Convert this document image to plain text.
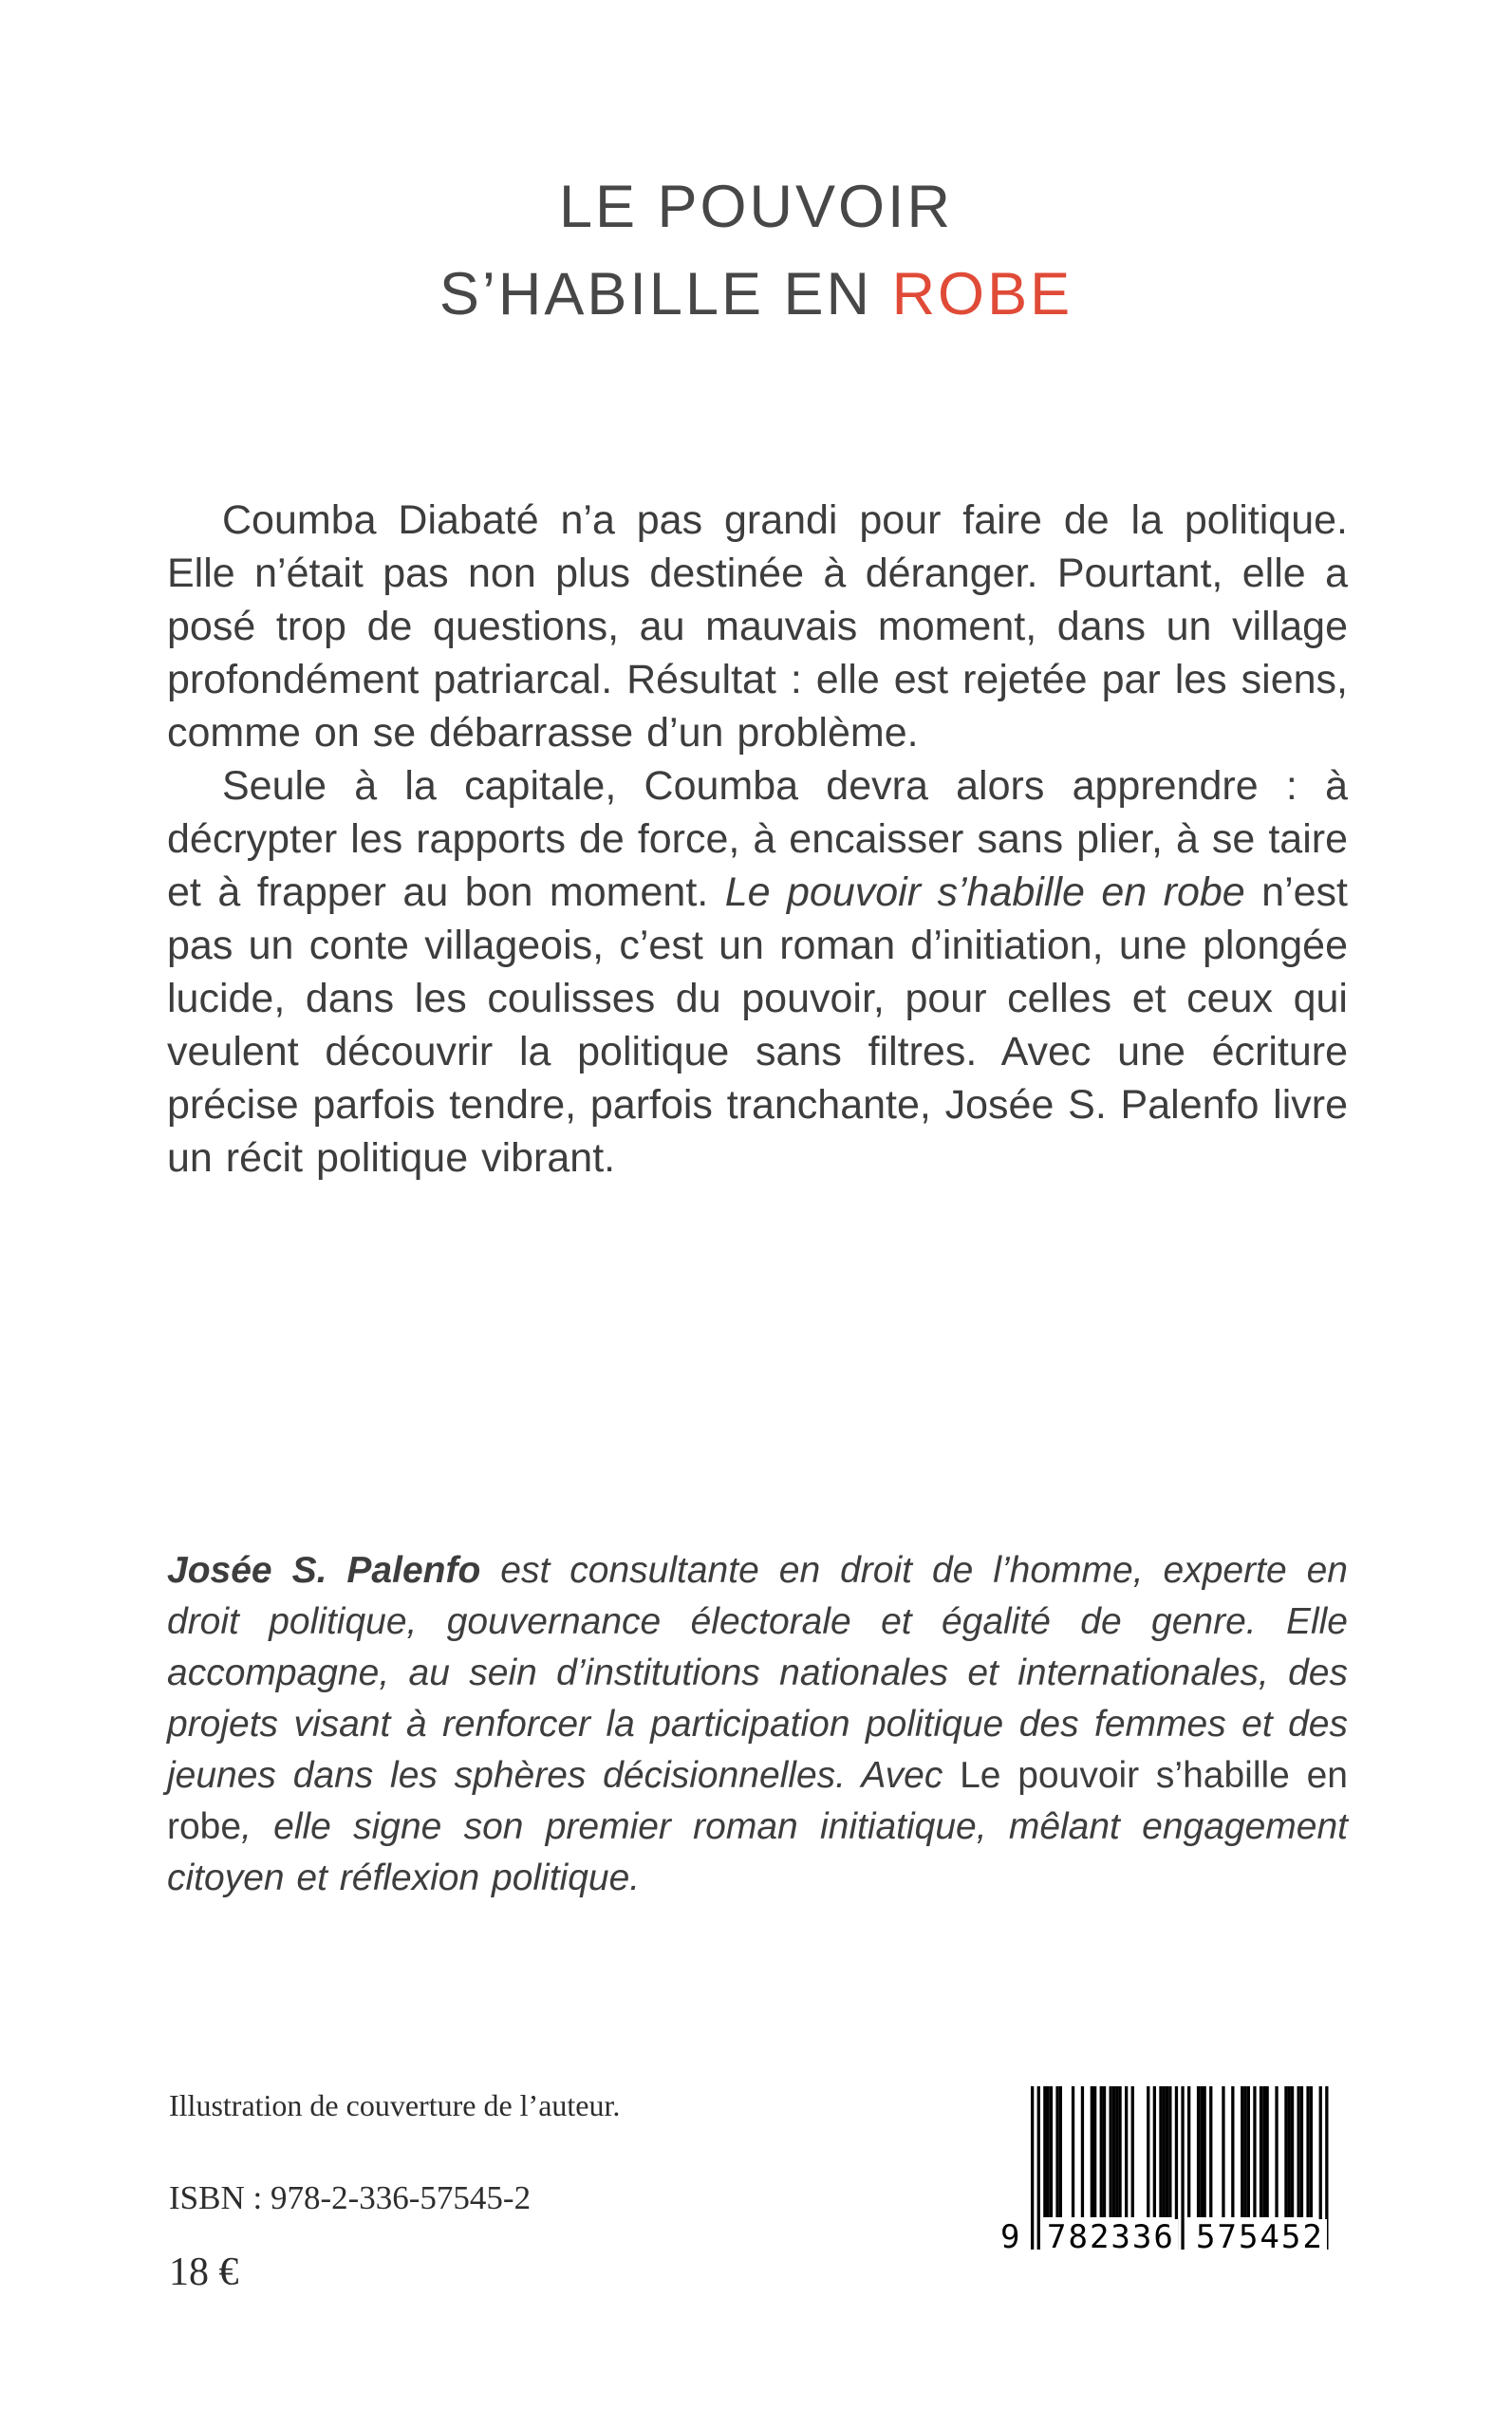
LE POUVOIR
S’HABILLE EN ROBE

Coumba Diabaté n’a pas grandi pour faire de la politique. Elle n’était pas non plus destinée à déranger. Pourtant, elle a posé trop de questions, au mauvais moment, dans un village profondément patriarcal. Résultat : elle est rejetée par les siens, comme on se débarrasse d’un problème.

Seule à la capitale, Coumba devra alors apprendre : à décrypter les rapports de force, à encaisser sans plier, à se taire et à frapper au bon moment. Le pouvoir s’habille en robe n’est pas un conte villageois, c’est un roman d’initiation, une plongée lucide, dans les coulisses du pouvoir, pour celles et ceux qui veulent découvrir la politique sans filtres. Avec une écriture précise parfois tendre, parfois tranchante, Josée S. Palenfo livre un récit politique vibrant.

Josée S. Palenfo est consultante en droit de l’homme, experte en droit politique, gouvernance électorale et égalité de genre. Elle accompagne, au sein d’institutions nationales et internationales, des projets visant à renforcer la participation politique des femmes et des jeunes dans les sphères décisionnelles. Avec Le pouvoir s’habille en robe, elle signe son premier roman initiatique, mêlant engagement citoyen et réflexion politique.

Illustration de couverture de l’auteur.
ISBN : 978-2-336-57545-2
18 €
9 782336 575452
